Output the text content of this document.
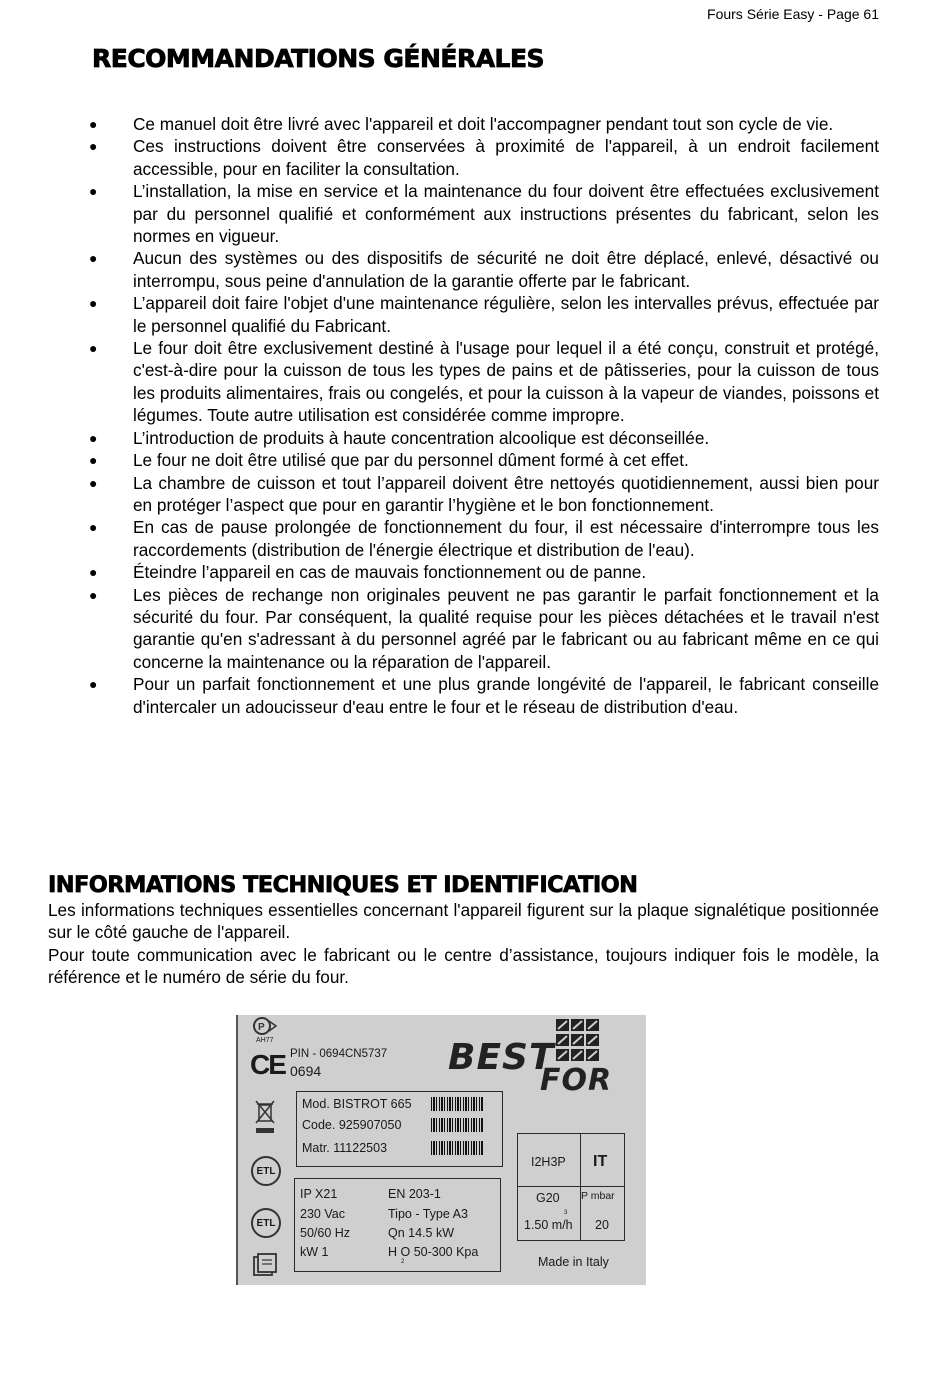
Fours Série Easy - Page 61
RECOMMANDATIONS GÉNÉRALES
● Ce manuel doit être livré avec l'appareil et doit l'accompagner pendant tout son cycle de vie.
● Ces instructions doivent être conservées à proximité de l'appareil, à un endroit facilement accessible, pour en faciliter la consultation.
● L’installation, la mise en service et la maintenance du four doivent être effectuées exclusivement par du personnel qualifié et conformément aux instructions présentes du fabricant, selon les normes en vigueur.
● Aucun des systèmes ou des dispositifs de sécurité ne doit être déplacé, enlevé, désactivé ou interrompu, sous peine d'annulation de la garantie offerte par le fabricant.
● L’appareil doit faire l'objet d'une maintenance régulière, selon les intervalles prévus, effectuée par le personnel qualifié du Fabricant.
● Le four doit être exclusivement destiné à l'usage pour lequel il a été conçu, construit et protégé, c'est-à-dire pour la cuisson de tous les types de pains et de pâtisseries, pour la cuisson de tous les produits alimentaires, frais ou congelés, et pour la cuisson à la vapeur de viandes, poissons et légumes. Toute autre utilisation est considérée comme impropre.
● L’introduction de produits à haute concentration alcoolique est déconseillée.
● Le four ne doit être utilisé que par du personnel dûment formé à cet effet.
● La chambre de cuisson et tout l’appareil doivent être nettoyés quotidiennement, aussi bien pour en protéger l’aspect que pour en garantir l’hygiène et le bon fonctionnement.
● En cas de pause prolongée de fonctionnement du four, il est nécessaire d'interrompre tous les raccordements (distribution de l'énergie électrique et distribution de l'eau).
● Éteindre l’appareil en cas de mauvais fonctionnement ou de panne.
● Les pièces de rechange non originales peuvent ne pas garantir le parfait fonctionnement et la sécurité du four. Par conséquent, la qualité requise pour les pièces détachées et le travail n'est garantie qu'en s'adressant à du personnel agréé par le fabricant ou au fabricant même en ce qui concerne la maintenance ou la réparation de l'appareil.
● Pour un parfait fonctionnement et une plus grande longévité de l'appareil, le fabricant conseille d'intercaler un adoucisseur d'eau entre le four et le réseau de distribution d'eau.
INFORMATIONS TECHNIQUES ET IDENTIFICATION

Les informations techniques essentielles concernant l'appareil figurent sur la plaque signalétique positionnée sur le côté gauche de l'appareil.

Pour toute communication avec le fabricant ou le centre d’assistance, toujours indiquer fois le modèle, la référence et le numéro de série du four.

P
AH77
CE PIN - 0694CN5737
0694	BEST
FOR
ETL
ETL
Mod. BISTROT 665
Code. 925907050
Matr. 11122503
IP X21
230 Vac
50/60 Hz
kW 1
EN 203-1
Tipo - Type A3
Qn 14.5 kW
H O 50-300 Kpa
2
I2H3P IT
G20 P mbar
3
1.50 m/h 20
Made in Italy
